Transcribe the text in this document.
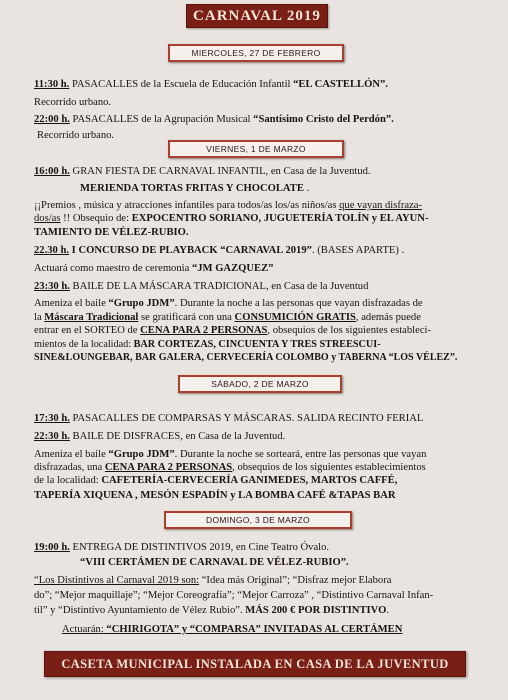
CARNAVAL 2019
MIERCOLES, 27 DE FEBRERO
11:30 h. PASACALLES de la Escuela de Educación Infantil “EL CASTELLÓN”.
Recorrido urbano.
22:00 h. PASACALLES de la Agrupación Musical “Santísimo Cristo del Perdón”.
Recorrido urbano.
VIERNES, 1 DE MARZO
16:00 h. GRAN FIESTA DE CARNAVAL INFANTIL, en Casa de la Juventud.
MERIENDA TORTAS FRITAS Y CHOCOLATE .
¡¡Premios , música y atracciones infantiles para todos/as los/as niños/as que vayan disfraza-
dos/as !! Obsequio de: EXPOCENTRO SORIANO, JUGUETERÍA TOLÍN y EL AYUN-
TAMIENTO DE VÉLEZ-RUBIO.
22.30 h. I CONCURSO DE PLAYBACK “CARNAVAL 2019”. (BASES APARTE) .
Actuará como maestro de ceremonia “JM GAZQUEZ”
23:30 h. BAILE DE LA MÁSCARA TRADICIONAL, en Casa de la Juventud
Ameniza el baile “Grupo JDM”. Durante la noche a las personas que vayan disfrazadas de
la Máscara Tradicional se gratificará con una CONSUMICIÓN GRATIS, además puede
entrar en el SORTEO de CENA PARA 2 PERSONAS, obsequios de los siguientes estableci-
mientos de la localidad: BAR CORTEZAS, CINCUENTA Y TRES STREESCUI-
SINE&LOUNGEBAR, BAR GALERA, CERVECERÍA COLOMBO y TABERNA “LOS VÉLEZ”.
SÁBADO, 2 DE MARZO
17:30 h. PASACALLES DE COMPARSAS Y MÁSCARAS. SALIDA RECINTO FERIAL
22:30 h. BAILE DE DISFRACES, en Casa de la Juventud.
Ameniza el baile “Grupo JDM”. Durante la noche se sorteará, entre las personas que vayan
disfrazadas, una CENA PARA 2 PERSONAS, obsequios de los siguientes establecimientos
de la localidad: CAFETERÍA-CERVECERÍA GANIMEDES, MARTOS CAFFÉ,
TAPERÍA XIQUENA , MESÓN ESPADÍN y LA BOMBA CAFÉ &TAPAS BAR
DOMINGO, 3 DE MARZO
19:00 h. ENTREGA DE DISTINTIVOS 2019, en Cine Teatro Óvalo.
“VIII CERTÁMEN DE CARNAVAL DE VÉLEZ-RUBIO”.
“Los Distintivos al Carnaval 2019 son: “Idea más Original”; “Disfraz mejor Elabora
do”; “Mejor maquillaje”; “Mejor Coreografía”; “Mejor Carroza” , “Distintivo Carnaval Infan-
til” y “Distintivo Ayuntamiento de Vélez Rubio”. MÁS 200 € POR DISTINTIVO.
Actuarán: “CHIRIGOTA” y “COMPARSA” INVITADAS AL CERTÁMEN
CASETA MUNICIPAL INSTALADA EN CASA DE LA JUVENTUD
